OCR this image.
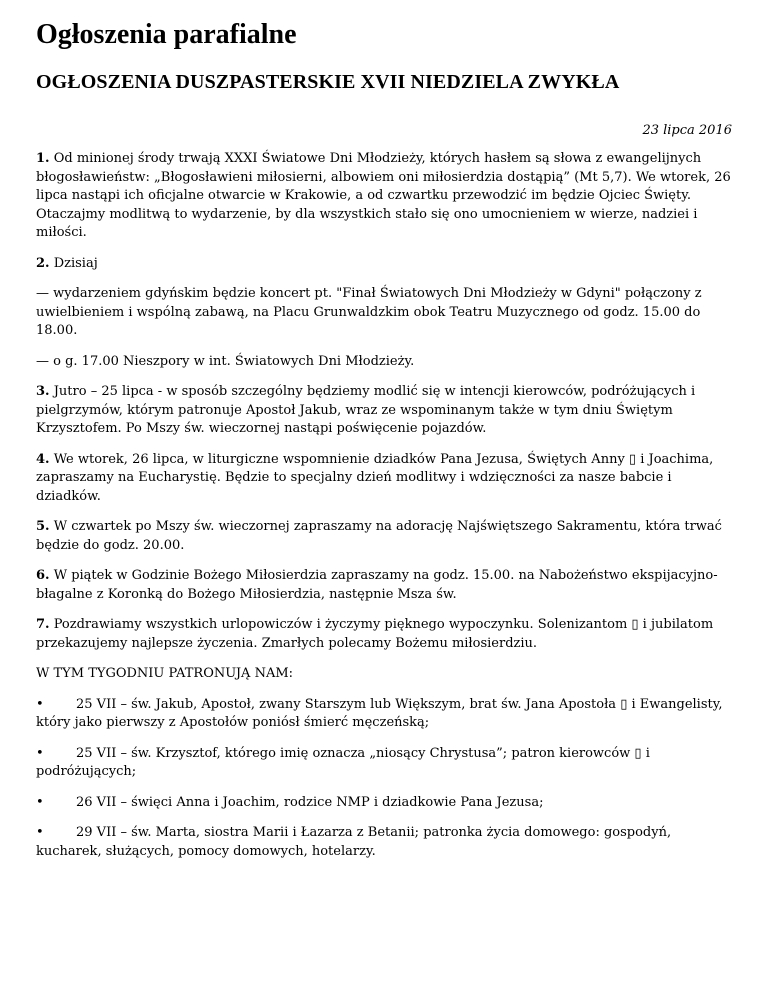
Ogłoszenia parafialne
OGŁOSZENIA DUSZPASTERSKIE XVII NIEDZIELA ZWYKŁA
23 lipca 2016

1. Od minionej środy trwają XXXI Światowe Dni Młodzieży, których hasłem są słowa z ewangelijnych błogosławieństw: „Błogosławieni miłosierni, albowiem oni miłosierdzia dostąpią” (Mt 5,7). We wtorek, 26 lipca nastąpi ich oficjalne otwarcie w Krakowie, a od czwartku przewodzić im będzie Ojciec Święty. Otaczajmy modlitwą to wydarzenie, by dla wszystkich stało się ono umocnieniem w wierze, nadziei i miłości.

2. Dzisiaj

— wydarzeniem gdyńskim będzie koncert pt. "Finał Światowych Dni Młodzieży w Gdyni" połączony z uwielbieniem i wspólną zabawą, na Placu Grunwaldzkim obok Teatru Muzycznego od godz. 15.00 do 18.00.

— o g. 17.00 Nieszpory w int. Światowych Dni Młodzieży.

3. Jutro – 25 lipca - w sposób szczególny będziemy modlić się w intencji kierowców, podróżujących i pielgrzymów, którym patronuje Apostoł Jakub, wraz ze wspominanym także w tym dniu Świętym Krzysztofem. Po Mszy św. wieczornej nastąpi poświęcenie pojazdów.

4. We wtorek, 26 lipca, w liturgiczne wspomnienie dziadków Pana Jezusa, Świętych Anny ▯ i Joachima, zapraszamy na Eucharystię. Będzie to specjalny dzień modlitwy i wdzięczności za nasze babcie i dziadków.

5. W czwartek po Mszy św. wieczornej zapraszamy na adorację Najświętszego Sakramentu, która trwać będzie do godz. 20.00.

6. W piątek w Godzinie Bożego Miłosierdzia zapraszamy na godz. 15.00. na Nabożeństwo ekspijacyjno-błagalne z Koronką do Bożego Miłosierdzia, następnie Msza św.

7. Pozdrawiamy wszystkich urlopowiczów i życzymy pięknego wypoczynku. Solenizantom ▯ i jubilatom przekazujemy najlepsze życzenia. Zmarłych polecamy Bożemu miłosierdziu.

W TYM TYGODNIU PATRONUJĄ NAM:

• 25 VII – św. Jakub, Apostoł, zwany Starszym lub Większym, brat św. Jana Apostoła ▯ i Ewangelisty, który jako pierwszy z Apostołów poniósł śmierć męczeńską;

• 25 VII – św. Krzysztof, którego imię oznacza „niosący Chrystusa”; patron kierowców ▯ i podróżujących;

• 26 VII – święci Anna i Joachim, rodzice NMP i dziadkowie Pana Jezusa;

• 29 VII – św. Marta, siostra Marii i Łazarza z Betanii; patronka życia domowego: gospodyń, kucharek, służących, pomocy domowych, hotelarzy.
